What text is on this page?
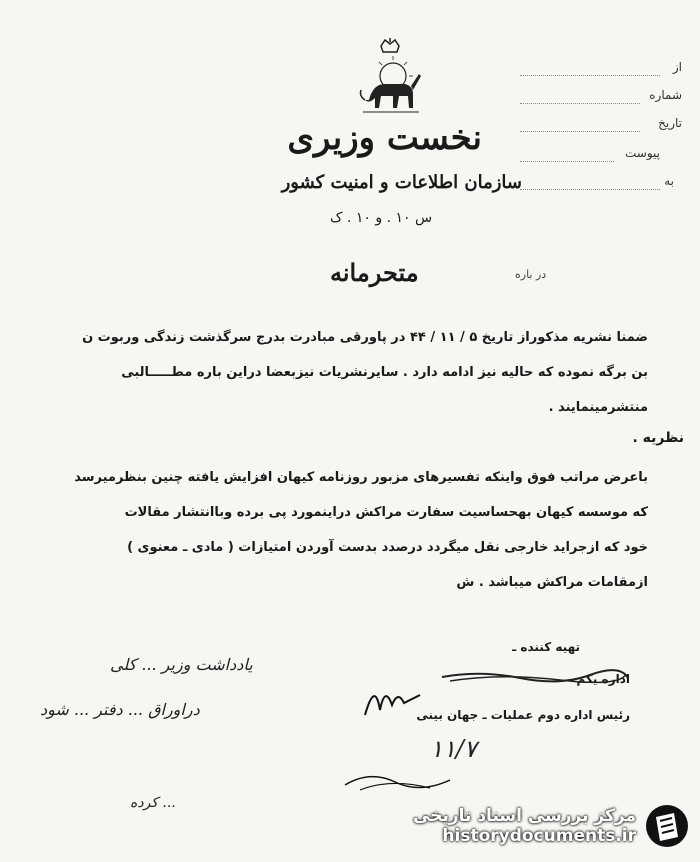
از
شماره
تاریخ
پیوست
به
نخست وزیری
سازمان اطلاعات و امنیت کشور
س ۱۰ . و ۱۰ . ک
در باره
متحرمانه
ضمنا نشریه مذکوراز تاریخ ۵ / ۱۱ / ۴۴ در پاورقی مبادرت بدرج سرگذشت زندگی وربوت ن
بن برگه نموده که حالیه نیز ادامه دارد . سایرنشریات نیزبعضا دراین باره مطـــــالبی
منتشرمینمایند .
نظریه .
باعرض مراتب فوق واینکه تفسیرهای مزبور روزنامه کیهان افزایش یافته چنین بنظرمیرسد
که موسسه کیهان بهحساسیت سفارت مراکش دراینمورد پی برده وباانتشار مقالات
خود که ازجراید خارجی نقل میگردد درصدد بدست آوردن امتیازات ( مادی ـ معنوی )
ازمقامات مراکش میباشد . ش
تهیه کننده ـ
اداره یکم
رئیس اداره دوم عملیات ـ جهان بینی
۱۱/۷
یادداشت وزیر ... کلی
دراوراق ... دفتر ... شود
... کرده
مرکز بررسی اسناد تاریخی
historydocuments.ir
